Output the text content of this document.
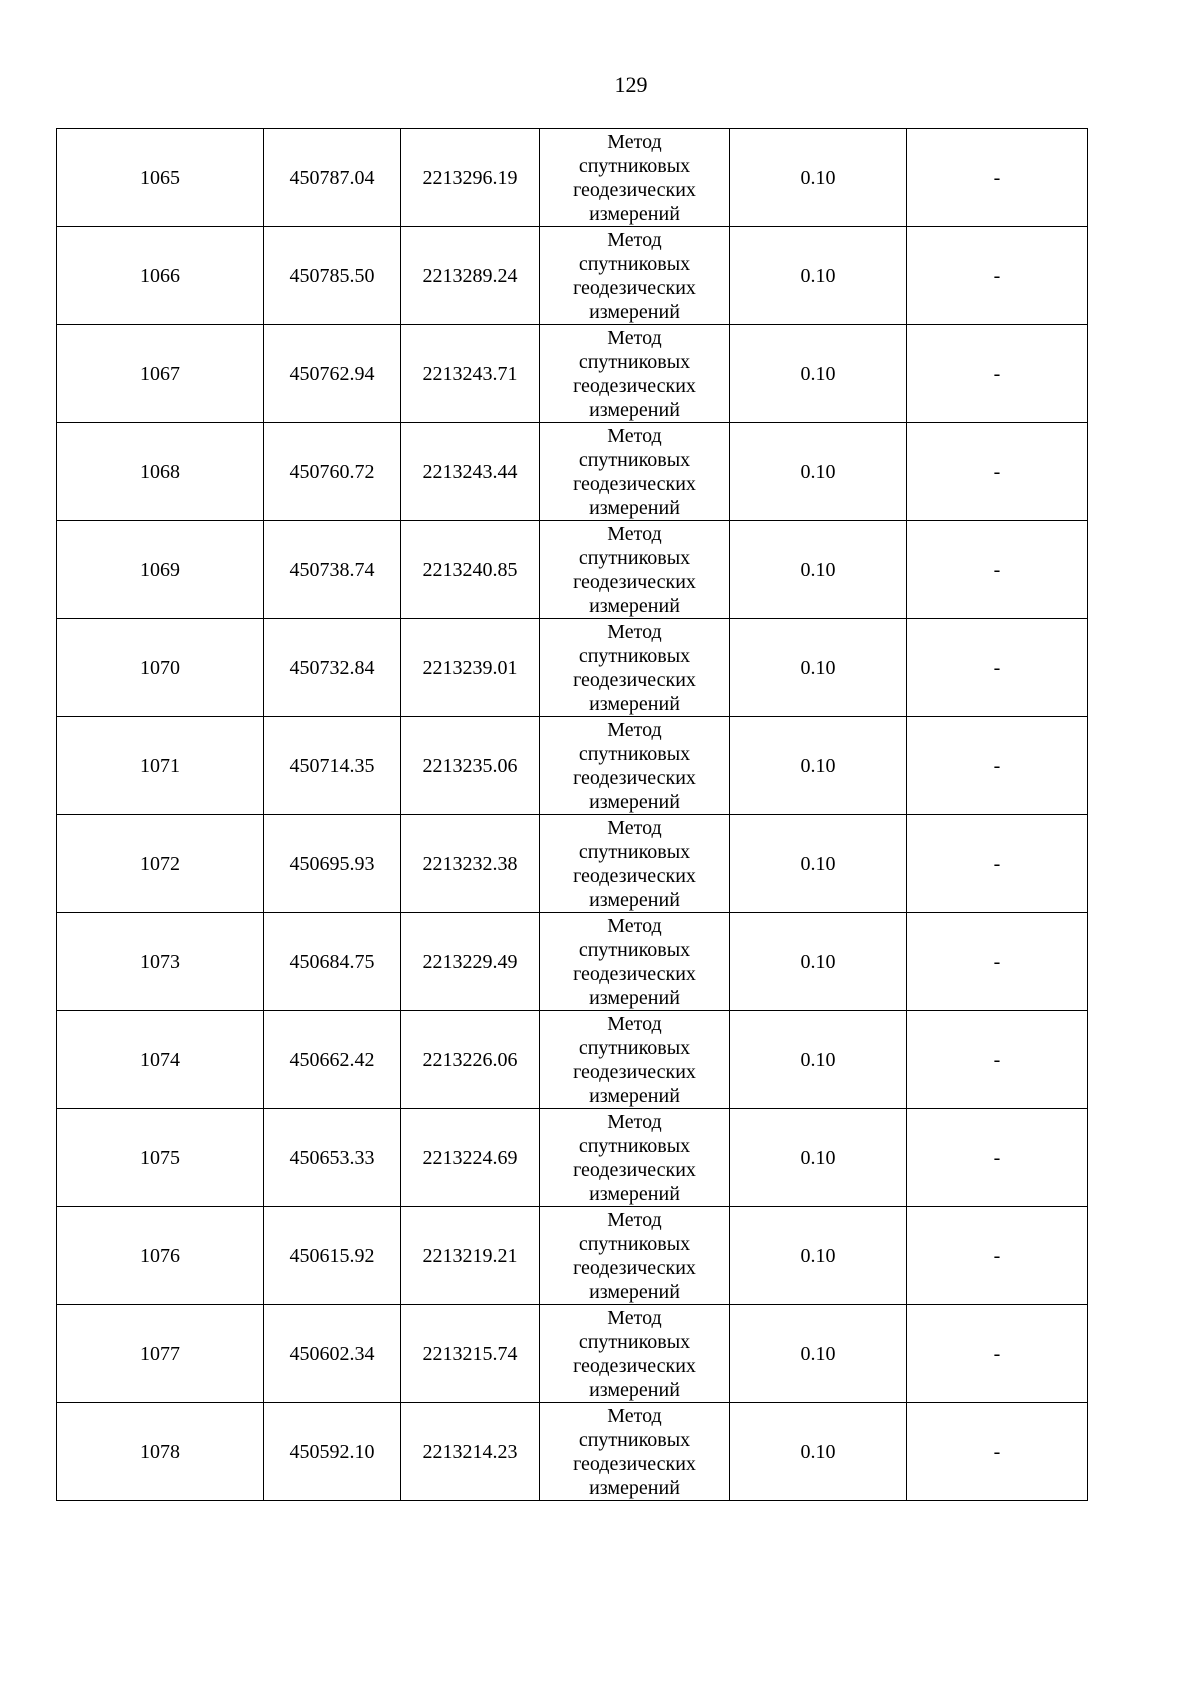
129
1065	450787.04	2213296.19	Метод
спутниковых
геодезических
измерений	0.10	-
1066	450785.50	2213289.24	Метод
спутниковых
геодезических
измерений	0.10	-
1067	450762.94	2213243.71	Метод
спутниковых
геодезических
измерений	0.10	-
1068	450760.72	2213243.44	Метод
спутниковых
геодезических
измерений	0.10	-
1069	450738.74	2213240.85	Метод
спутниковых
геодезических
измерений	0.10	-
1070	450732.84	2213239.01	Метод
спутниковых
геодезических
измерений	0.10	-
1071	450714.35	2213235.06	Метод
спутниковых
геодезических
измерений	0.10	-
1072	450695.93	2213232.38	Метод
спутниковых
геодезических
измерений	0.10	-
1073	450684.75	2213229.49	Метод
спутниковых
геодезических
измерений	0.10	-
1074	450662.42	2213226.06	Метод
спутниковых
геодезических
измерений	0.10	-
1075	450653.33	2213224.69	Метод
спутниковых
геодезических
измерений	0.10	-
1076	450615.92	2213219.21	Метод
спутниковых
геодезических
измерений	0.10	-
1077	450602.34	2213215.74	Метод
спутниковых
геодезических
измерений	0.10	-
1078	450592.10	2213214.23	Метод
спутниковых
геодезических
измерений	0.10	-
